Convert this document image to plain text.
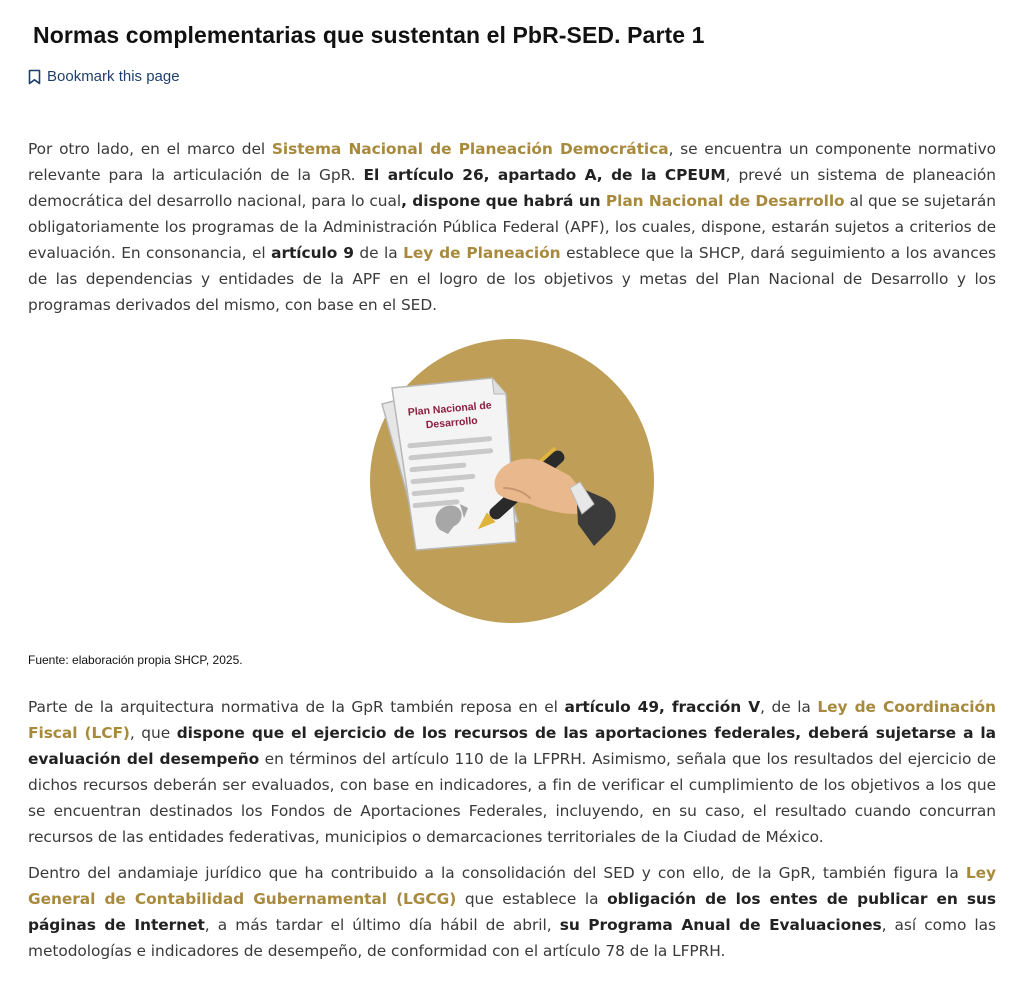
Normas complementarias que sustentan el PbR-SED. Parte 1
Bookmark this page

Por otro lado, en el marco del Sistema Nacional de Planeación Democrática, se encuentra un componente normativo relevante para la articulación de la GpR. El artículo 26, apartado A, de la CPEUM, prevé un sistema de planeación democrática del desarrollo nacional, para lo cual, dispone que habrá un Plan Nacional de Desarrollo al que se sujetarán obligatoriamente los programas de la Administración Pública Federal (APF), los cuales, dispone, estarán sujetos a criterios de evaluación. En consonancia, el artículo 9 de la Ley de Planeación establece que la SHCP, dará seguimiento a los avances de las dependencias y entidades de la APF en el logro de los objetivos y metas del Plan Nacional de Desarrollo y los programas derivados del mismo, con base en el SED.

Plan Nacional de
Desarrollo

Fuente: elaboración propia SHCP, 2025.

Parte de la arquitectura normativa de la GpR también reposa en el artículo 49, fracción V, de la Ley de Coordinación Fiscal (LCF), que dispone que el ejercicio de los recursos de las aportaciones federales, deberá sujetarse a la evaluación del desempeño en términos del artículo 110 de la LFPRH. Asimismo, señala que los resultados del ejercicio de dichos recursos deberán ser evaluados, con base en indicadores, a fin de verificar el cumplimiento de los objetivos a los que se encuentran destinados los Fondos de Aportaciones Federales, incluyendo, en su caso, el resultado cuando concurran recursos de las entidades federativas, municipios o demarcaciones territoriales de la Ciudad de México.

Dentro del andamiaje jurídico que ha contribuido a la consolidación del SED y con ello, de la GpR, también figura la Ley General de Contabilidad Gubernamental (LGCG) que establece la obligación de los entes de publicar en sus páginas de Internet, a más tardar el último día hábil de abril, su Programa Anual de Evaluaciones, así como las metodologías e indicadores de desempeño, de conformidad con el artículo 78 de la LFPRH.
